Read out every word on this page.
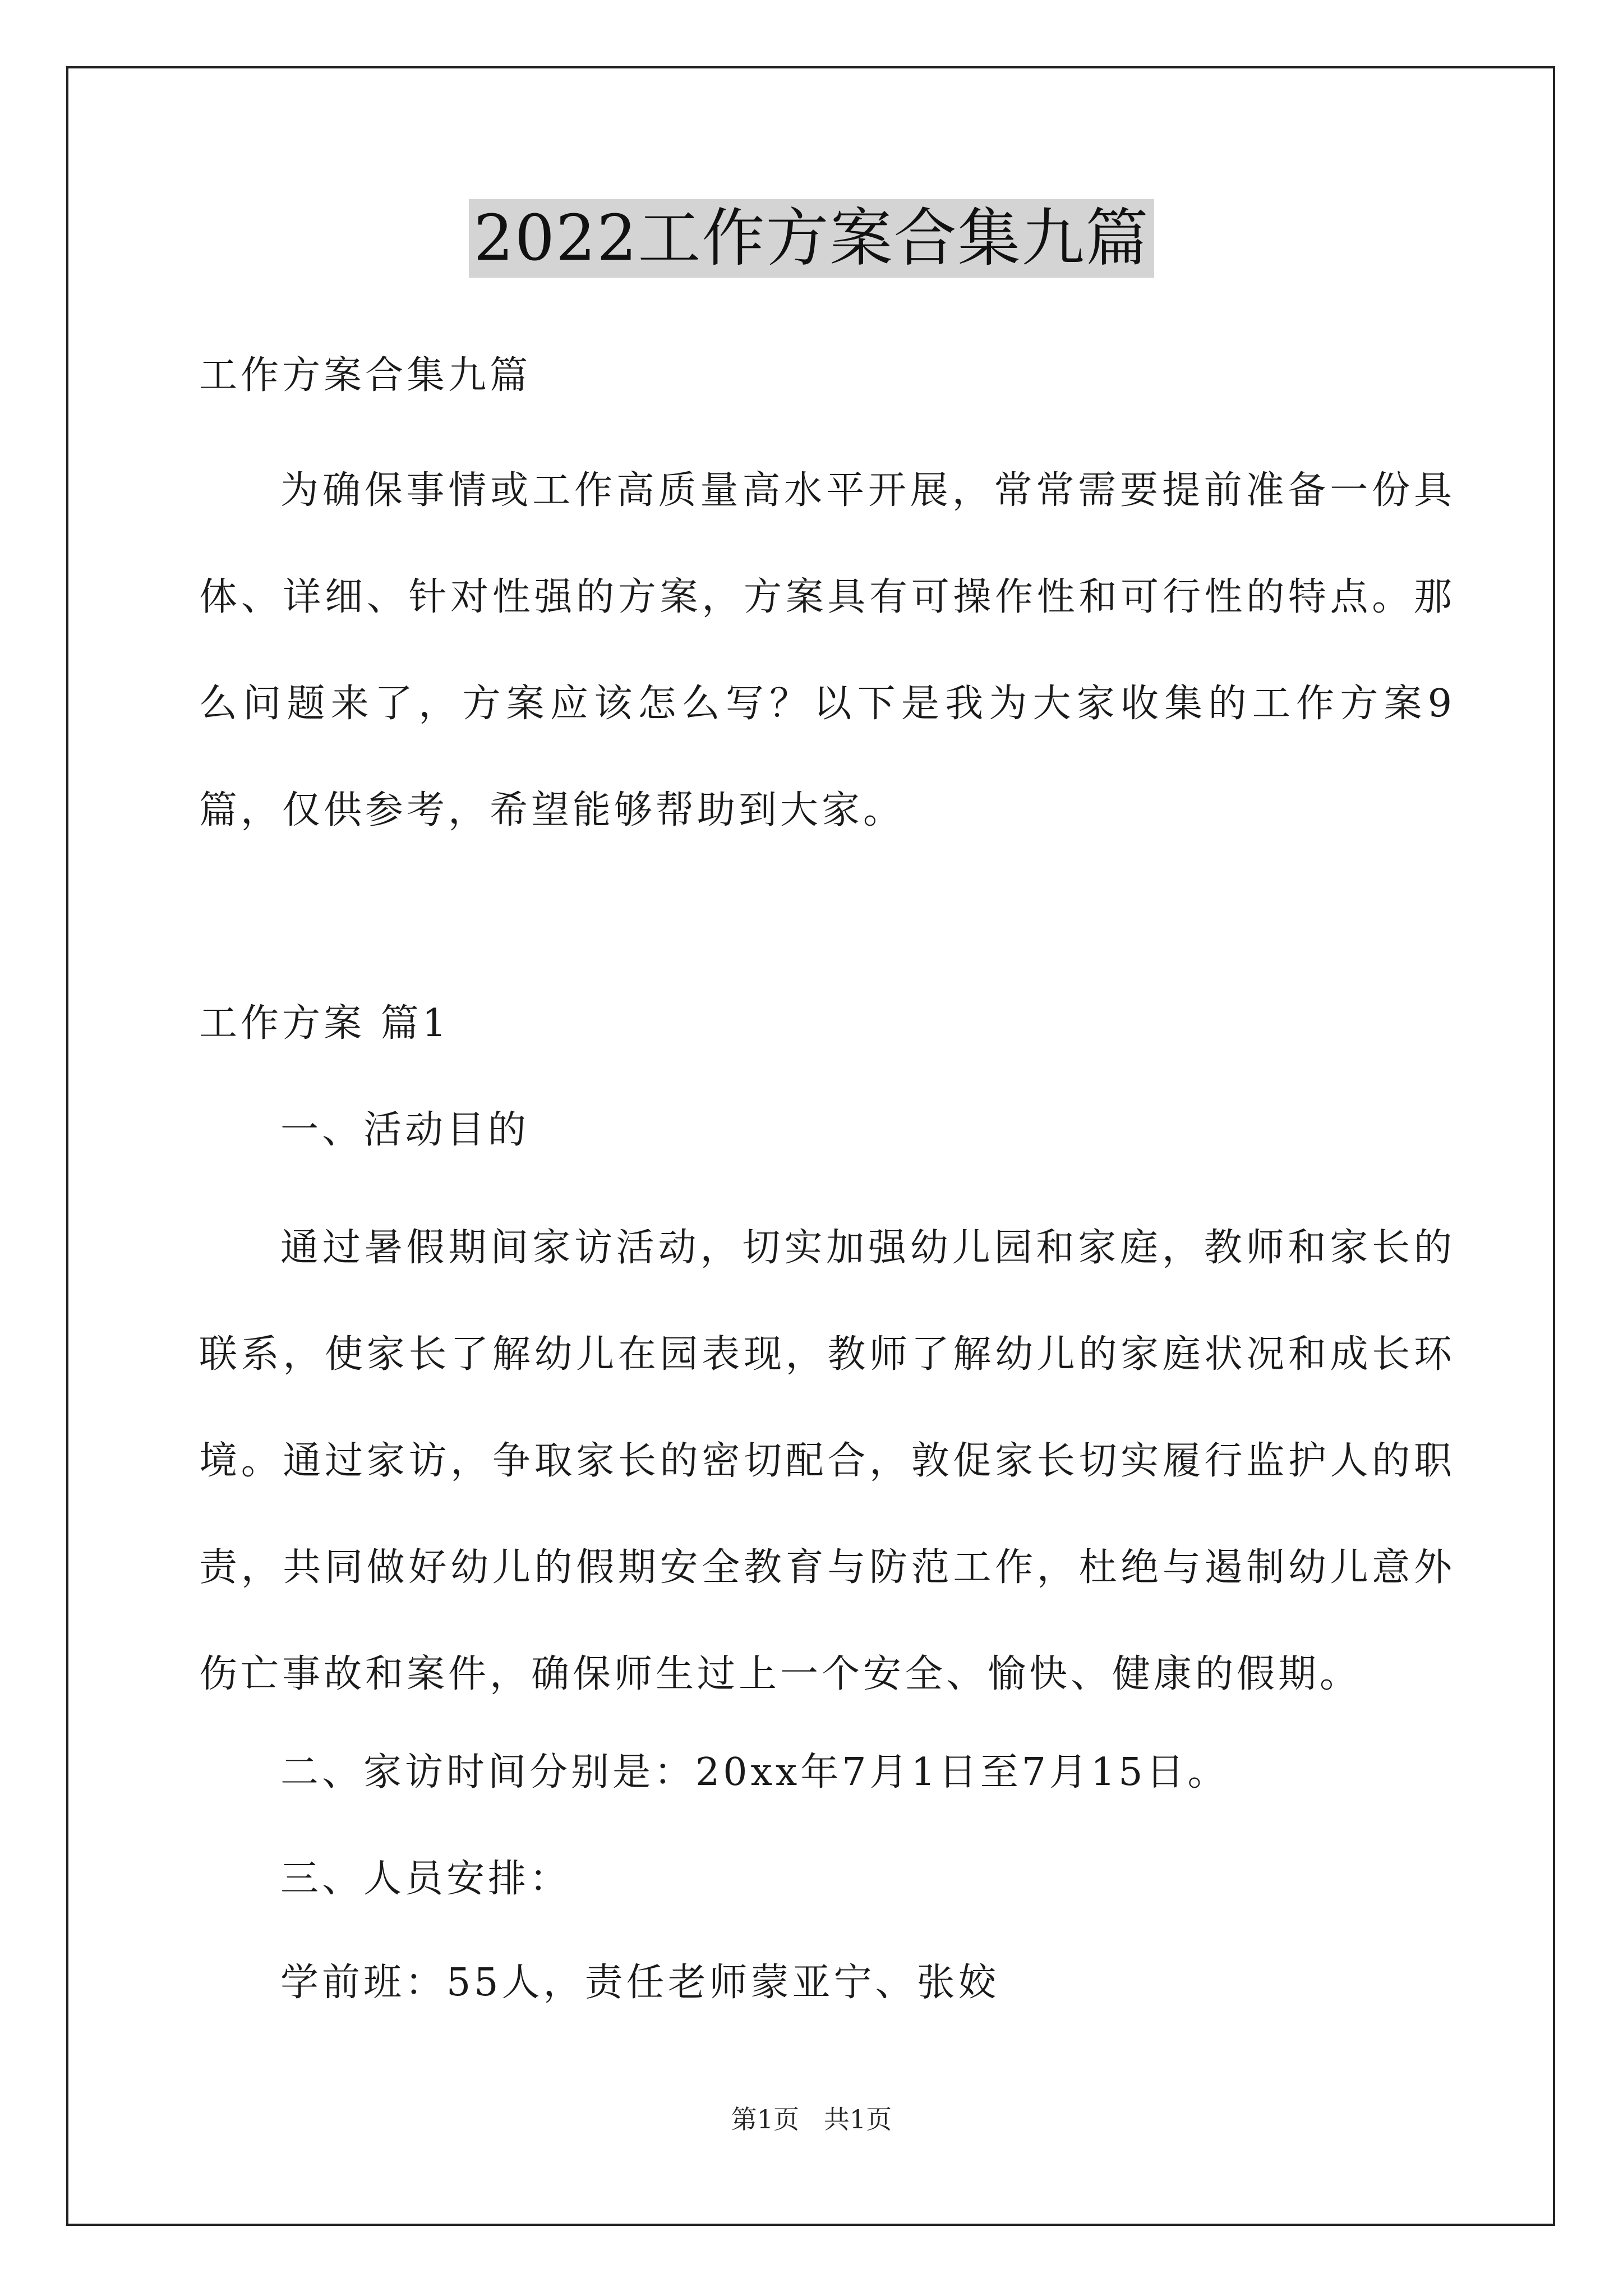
2022工作方案合集九篇
工作方案合集九篇
为确保事情或工作高质量高水平开展，常常需要提前准备一份具体、详细、针对性强的方案，方案具有可操作性和可行性的特点。那么问题来了，方案应该怎么写？以下是我为大家收集的工作方案9篇，仅供参考，希望能够帮助到大家。
工作方案 篇1
一、活动目的
通过暑假期间家访活动，切实加强幼儿园和家庭，教师和家长的联系，使家长了解幼儿在园表现，教师了解幼儿的家庭状况和成长环境。通过家访，争取家长的密切配合，敦促家长切实履行监护人的职责，共同做好幼儿的假期安全教育与防范工作，杜绝与遏制幼儿意外伤亡事故和案件，确保师生过上一个安全、愉快、健康的假期。
二、家访时间分别是：20xx年7月1日至7月15日。
三、人员安排：
学前班：55人，责任老师蒙亚宁、张姣
第1页   共1页
